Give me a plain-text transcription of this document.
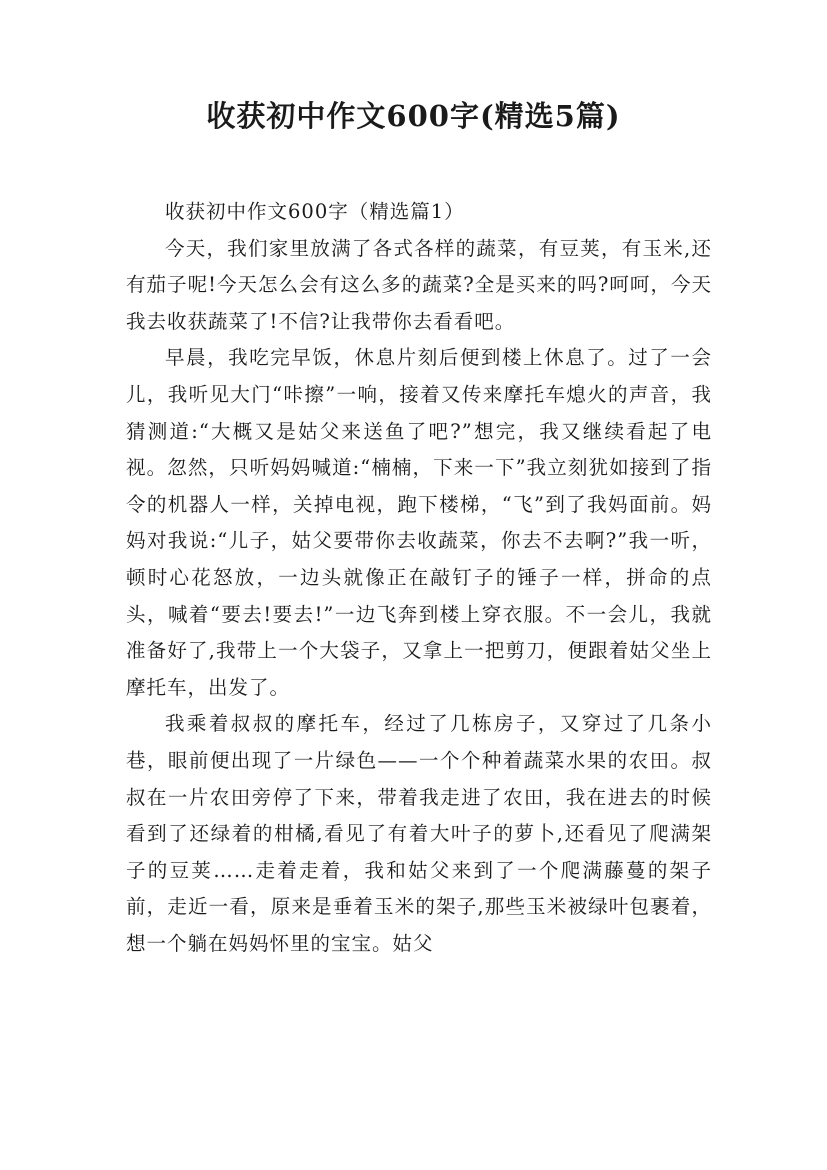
收获初中作文600字(精选5篇)

收获初中作文600字（精选篇1）

今天，我们家里放满了各式各样的蔬菜，有豆荚，有玉米,还有茄子呢!今天怎么会有这么多的蔬菜?全是买来的吗?呵呵，今天我去收获蔬菜了!不信?让我带你去看看吧。

早晨，我吃完早饭，休息片刻后便到楼上休息了。过了一会儿，我听见大门“咔擦”一响，接着又传来摩托车熄火的声音，我猜测道:“大概又是姑父来送鱼了吧?”想完，我又继续看起了电视。忽然，只听妈妈喊道:“楠楠，下来一下”我立刻犹如接到了指令的机器人一样，关掉电视，跑下楼梯，“飞”到了我妈面前。妈妈对我说:“儿子，姑父要带你去收蔬菜，你去不去啊?”我一听，顿时心花怒放，一边头就像正在敲钉子的锤子一样，拼命的点头，喊着“要去!要去!”一边飞奔到楼上穿衣服。不一会儿，我就准备好了,我带上一个大袋子，又拿上一把剪刀，便跟着姑父坐上摩托车，出发了。

我乘着叔叔的摩托车，经过了几栋房子，又穿过了几条小巷，眼前便出现了一片绿色——一个个种着蔬菜水果的农田。叔叔在一片农田旁停了下来，带着我走进了农田，我在进去的时候看到了还绿着的柑橘,看见了有着大叶子的萝卜,还看见了爬满架子的豆荚……走着走着，我和姑父来到了一个爬满藤蔓的架子前，走近一看，原来是垂着玉米的架子,那些玉米被绿叶包裹着，想一个躺在妈妈怀里的宝宝。姑父
